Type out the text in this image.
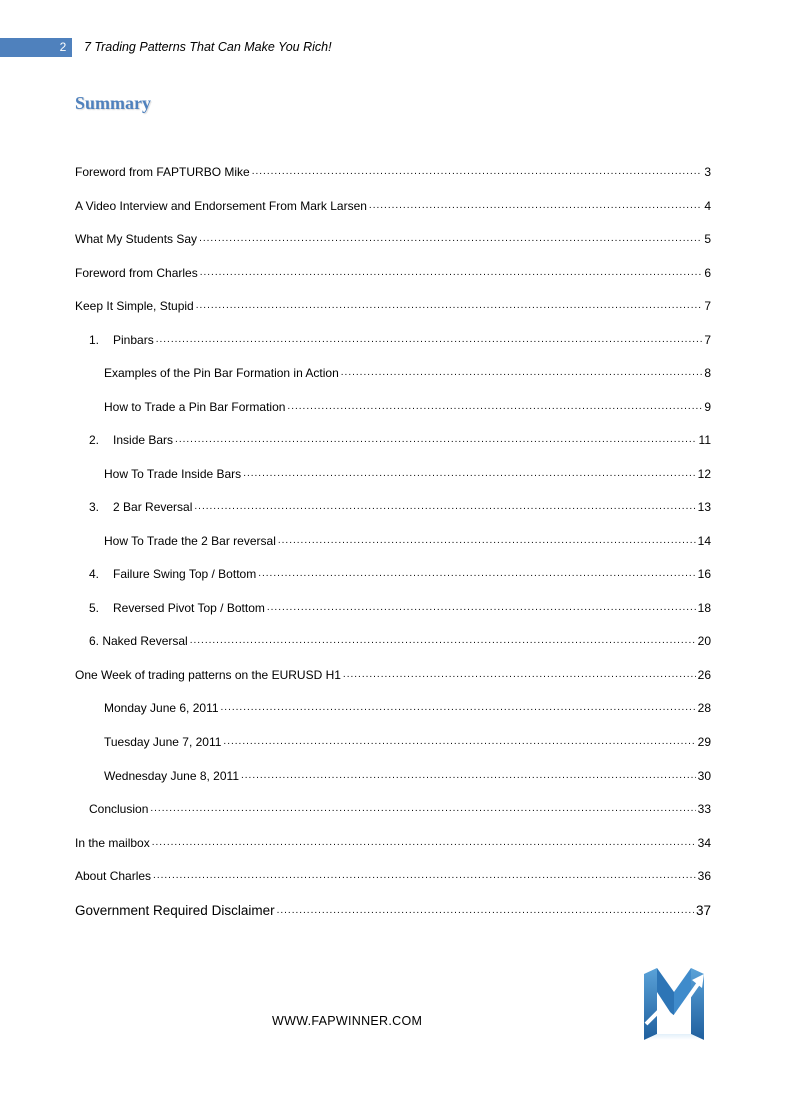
2 7 Trading Patterns That Can Make You Rich!
Summary
Foreword from FAPTURBO Mike .....	3
A Video Interview and Endorsement From Mark Larsen .....	4
What My Students Say .....	5
Foreword from Charles .....	6
Keep It Simple, Stupid .....	7
1. Pinbars .....	7
Examples of the Pin Bar Formation in Action .....	8
How to Trade a Pin Bar Formation .....	9
2. Inside Bars .....	11
How To Trade Inside Bars .....	12
3. 2 Bar Reversal .....	13
How To Trade the 2 Bar reversal .....	14
4. Failure Swing Top / Bottom .....	16
5. Reversed Pivot Top / Bottom .....	18
6. Naked Reversal .....	20
One Week of trading patterns on the EURUSD H1 .....	26
Monday June 6, 2011 .....	28
Tuesday June 7, 2011 .....	29
Wednesday June 8, 2011 .....	30
Conclusion .....	33
In the mailbox .....	34
About Charles .....	36
Government Required Disclaimer .....	37
WWW.FAPWINNER.COM
